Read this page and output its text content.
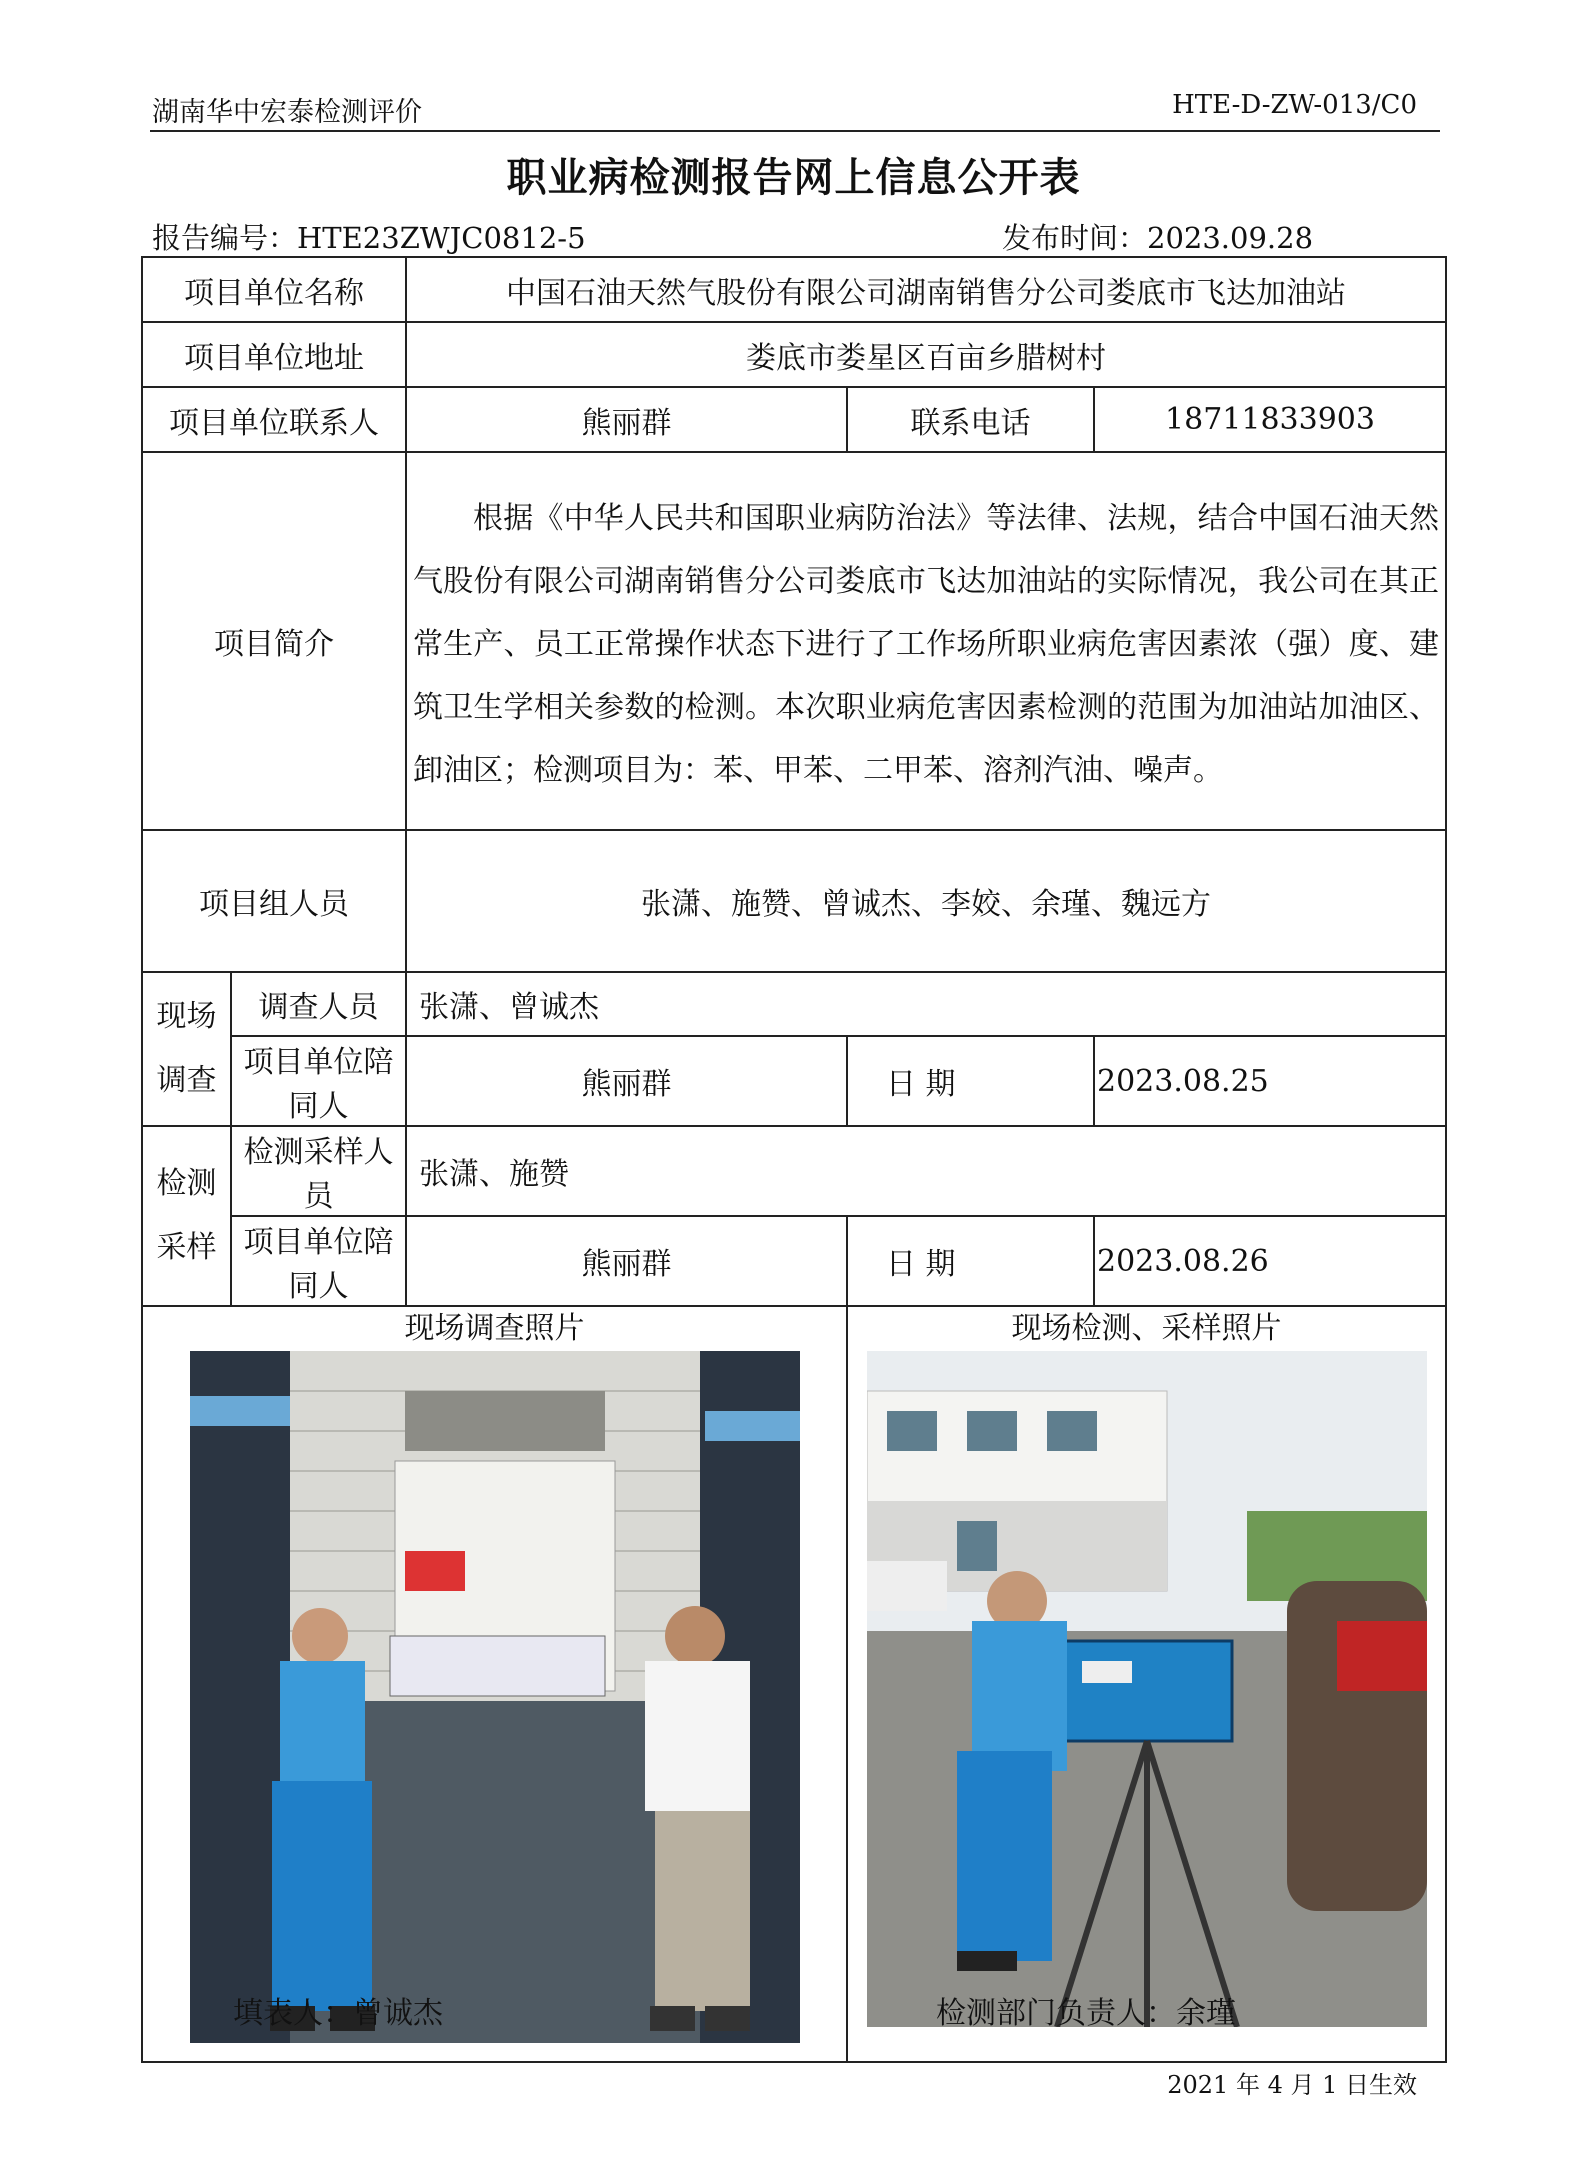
湖南华中宏泰检测评价	HTE-D-ZW-013/C0
职业病检测报告网上信息公开表
报告编号：HTE23ZWJC0812-5	发布时间：2023.09.28
项目单位名称		中国石油天然气股份有限公司湖南销售分公司娄底市飞达加油站		
项目单位地址		娄底市娄星区百亩乡腊树村		
项目单位联系人		熊丽群	联系电话	18711833903
项目简介		根据《中华人民共和国职业病防治法》等法律、法规，结合中国石油天然气股份有限公司湖南销售分公司娄底市飞达加油站的实际情况，我公司在其正常生产、员工正常操作状态下进行了工作场所职业病危害因素浓（强）度、建筑卫生学相关参数的检测。本次职业病危害因素检测的范围为加油站加油区、卸油区；检测项目为：苯、甲苯、二甲苯、溶剂汽油、噪声。		
项目组人员		张潇、施赞、曾诚杰、李姣、余瑾、魏远方		

现场
调查	调查人员	张潇、曾诚杰		
	项目单位陪同人	熊丽群	日 期	2023.08.25

检测
采样	检测采样人员	张潇、施赞		
	项目单位陪同人	熊丽群	日 期	2023.08.26

现场调查照片			现场检测、采样照片	
填表人：曾诚杰	检测部门负责人：余瑾
2021 年 4 月 1 日生效
